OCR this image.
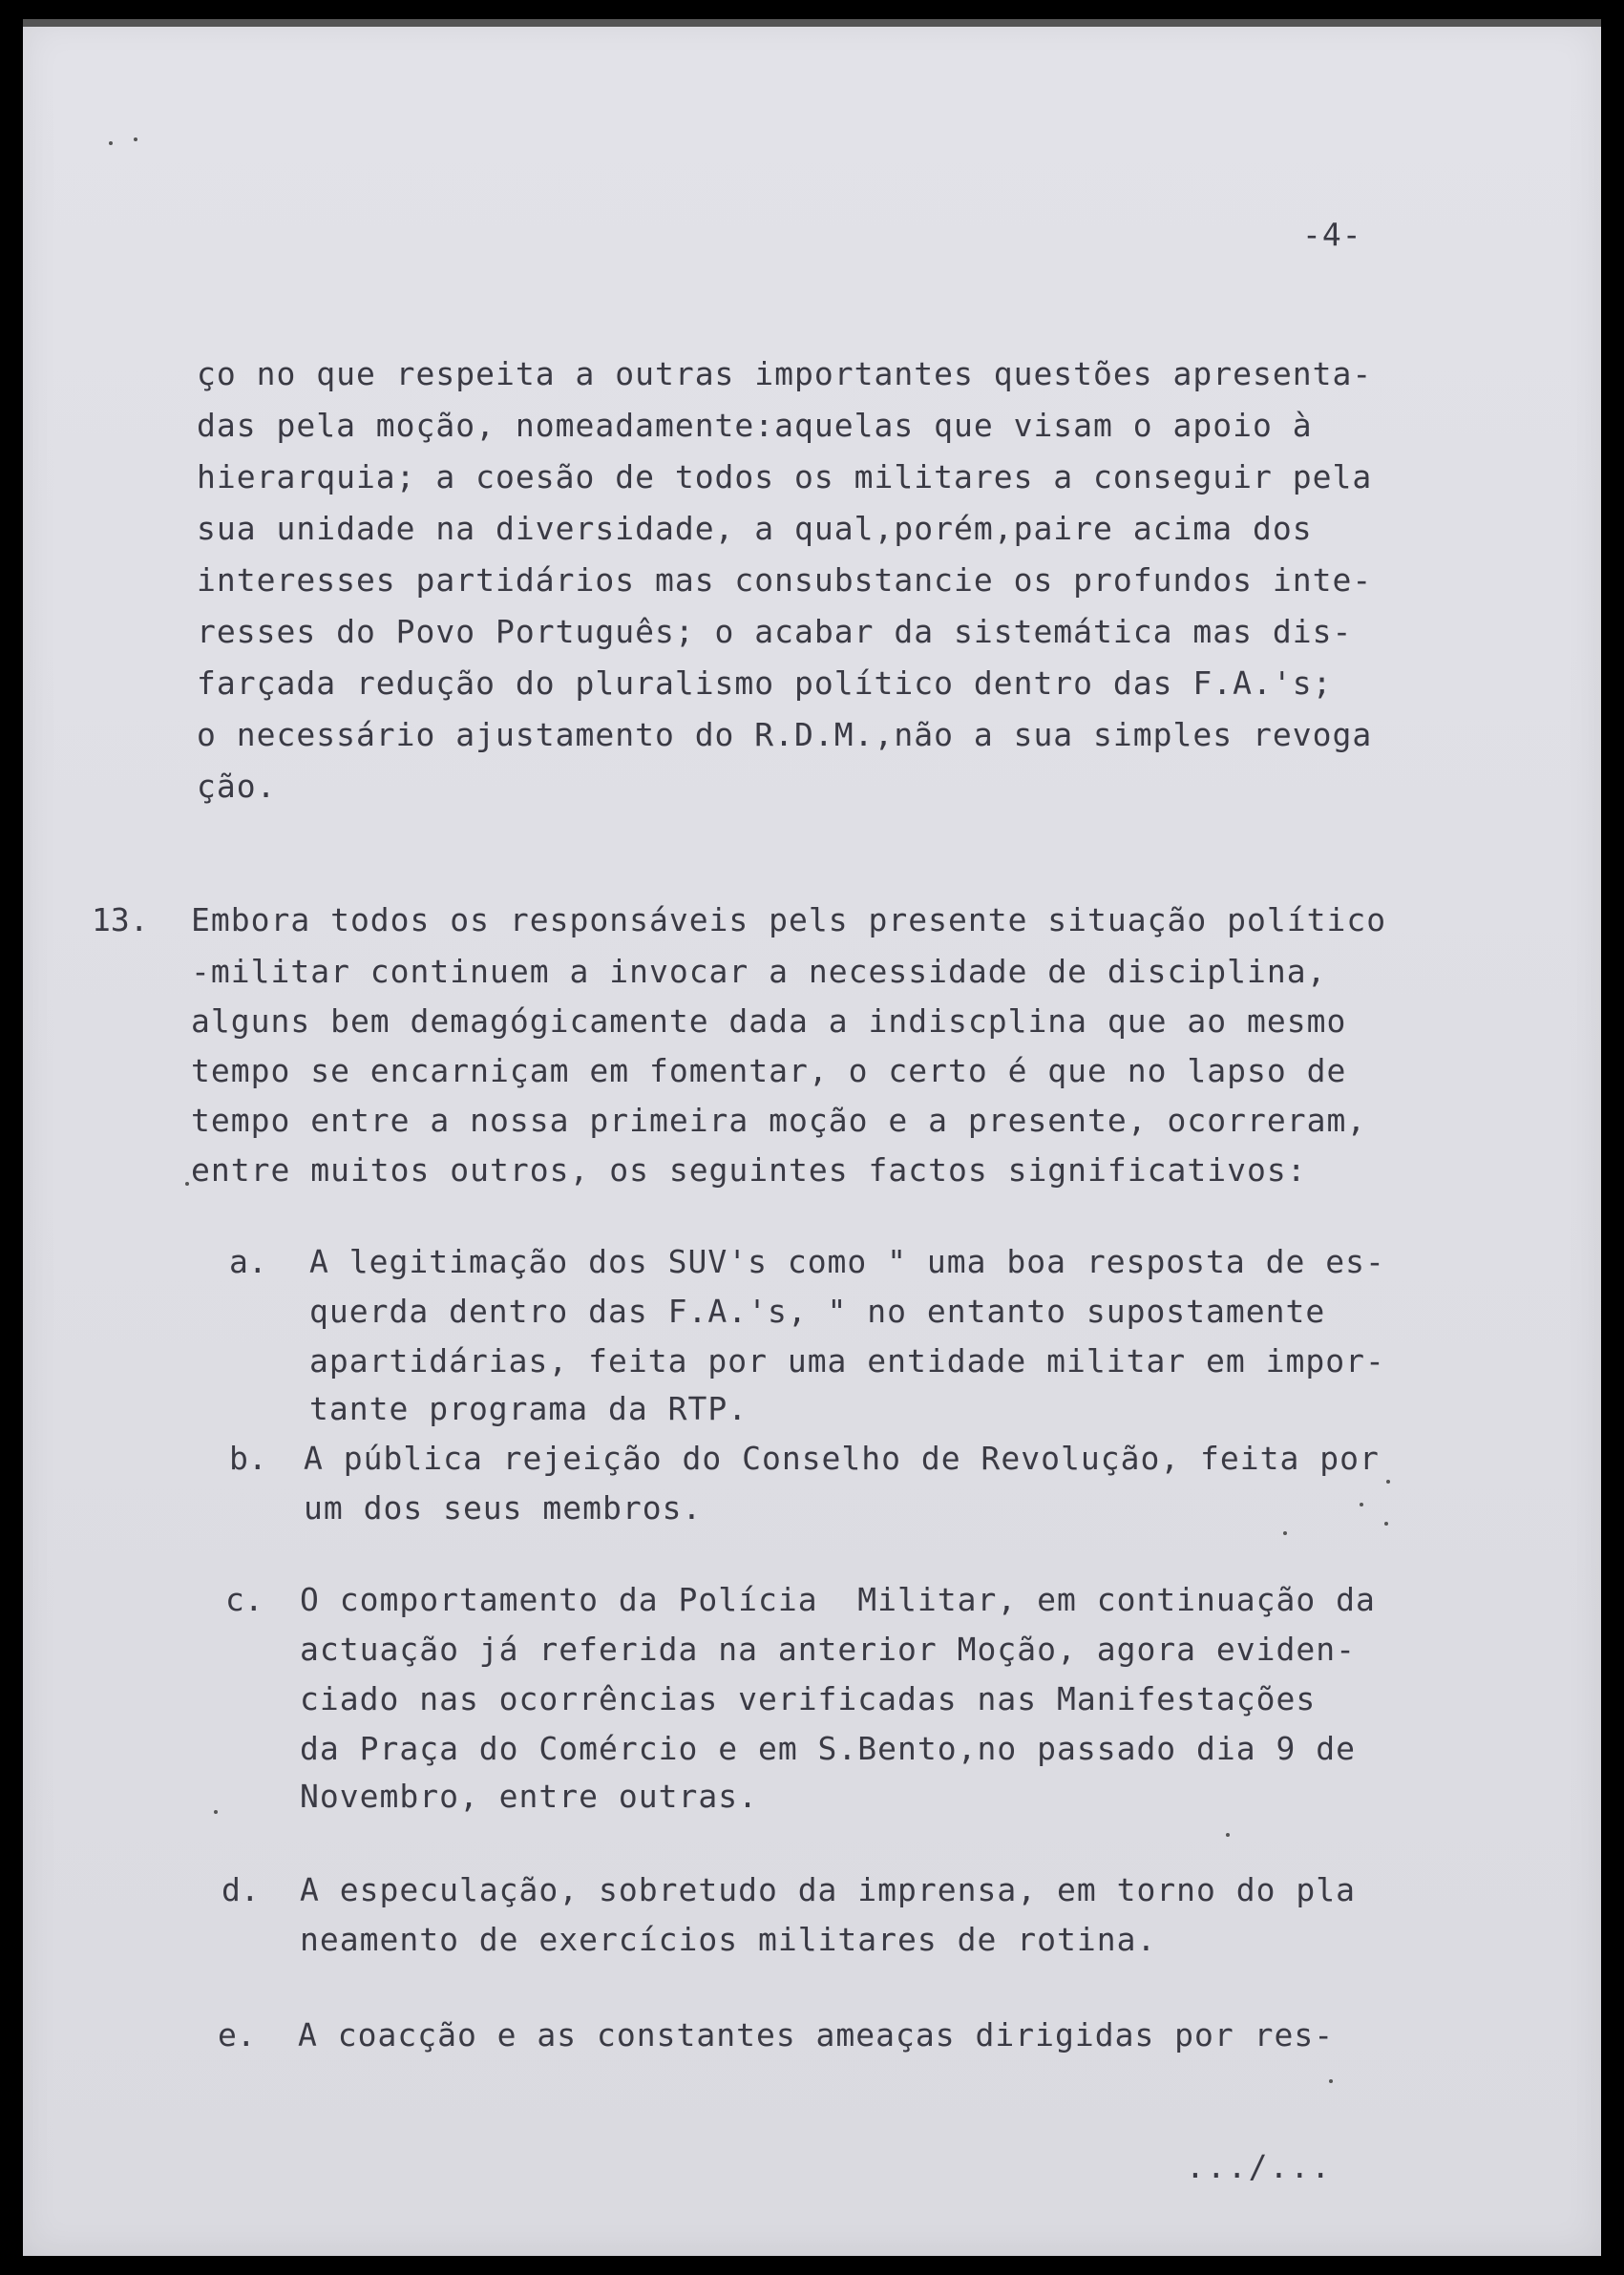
-4-
ço no que respeita a outras importantes questões apresenta-
das pela moção, nomeadamente:aquelas que visam o apoio à
hierarquia; a coesão de todos os militares a conseguir pela
sua unidade na diversidade, a qual,porém,paire acima dos
interesses partidários mas consubstancie os profundos inte-
resses do Povo Português; o acabar da sistemática mas dis-
farçada redução do pluralismo político dentro das F.A.'s;
o necessário ajustamento do R.D.M.,não a sua simples revoga
ção.
13. Embora todos os responsáveis pels presente situação político
-militar continuem a invocar a necessidade de disciplina,
alguns bem demagógicamente dada a indiscplina que ao mesmo
tempo se encarniçam em fomentar, o certo é que no lapso de
tempo entre a nossa primeira moção e a presente, ocorreram,
entre muitos outros, os seguintes factos significativos:
a. A legitimação dos SUV's como " uma boa resposta de es-
querda dentro das F.A.'s, " no entanto supostamente
apartidárias, feita por uma entidade militar em impor-
tante programa da RTP.
b. A pública rejeição do Conselho de Revolução, feita por
um dos seus membros.
c. O comportamento da Polícia  Militar, em continuação da
actuação já referida na anterior Moção, agora eviden-
ciado nas ocorrências verificadas nas Manifestações
da Praça do Comércio e em S.Bento,no passado dia 9 de
Novembro, entre outras.
d. A especulação, sobretudo da imprensa, em torno do pla
neamento de exercícios militares de rotina.
e. A coacção e as constantes ameaças dirigidas por res-
.../...
